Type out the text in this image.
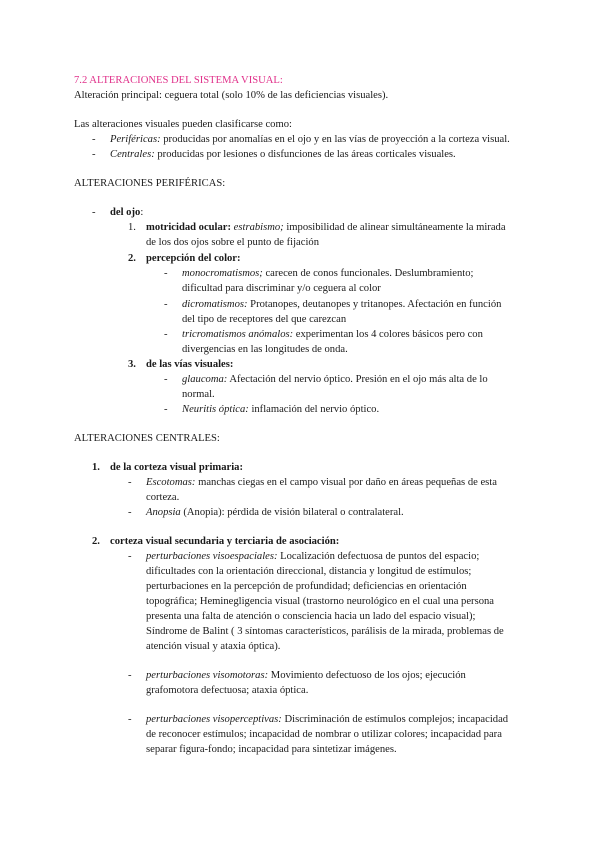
7.2 ALTERACIONES DEL SISTEMA VISUAL:
Alteración principal: ceguera total (solo 10% de las deficiencias visuales).
Las alteraciones visuales pueden clasificarse como:
- Periféricas: producidas por anomalías en el ojo y en las vías de proyección a la corteza visual.
- Centrales: producidas por lesiones o disfunciones de las áreas corticales visuales.
ALTERACIONES PERIFÉRICAS:
- del ojo:
1. motricidad ocular: estrabismo; imposibilidad de alinear simultáneamente la mirada
de los dos ojos sobre el punto de fijación
2. percepción del color:
- monocromatismos; carecen de conos funcionales. Deslumbramiento;
dificultad para discriminar y/o ceguera al color
- dicromatismos: Protanopes, deutanopes y tritanopes. Afectación en función
del tipo de receptores del que carezcan
- tricromatismos anómalos: experimentan los 4 colores básicos pero con
divergencias en las longitudes de onda.
3. de las vías visuales:
- glaucoma: Afectación del nervio óptico. Presión en el ojo más alta de lo
normal.
- Neuritis óptica: inflamación del nervio óptico.
ALTERACIONES CENTRALES:
1. de la corteza visual primaria:
- Escotomas: manchas ciegas en el campo visual por daño en áreas pequeñas de esta
corteza.
- Anopsia (Anopia): pérdida de visión bilateral o contralateral.
2. corteza visual secundaria y terciaria de asociación:
- perturbaciones visoespaciales: Localización defectuosa de puntos del espacio;
dificultades con la orientación direccional, distancia y longitud de estímulos;
perturbaciones en la percepción de profundidad; deficiencias en orientación
topográfica; Heminegligencia visual (trastorno neurológico en el cual una persona
presenta una falta de atención o consciencia hacia un lado del espacio visual);
Síndrome de Balint ( 3 síntomas característicos, parálisis de la mirada, problemas de
atención visual y ataxia óptica).
- perturbaciones visomotoras: Movimiento defectuoso de los ojos; ejecución
grafomotora defectuosa; ataxia óptica.
- perturbaciones visoperceptivas: Discriminación de estímulos complejos; incapacidad
de reconocer estímulos; incapacidad de nombrar o utilizar colores; incapacidad para
separar figura-fondo; incapacidad para sintetizar imágenes.
